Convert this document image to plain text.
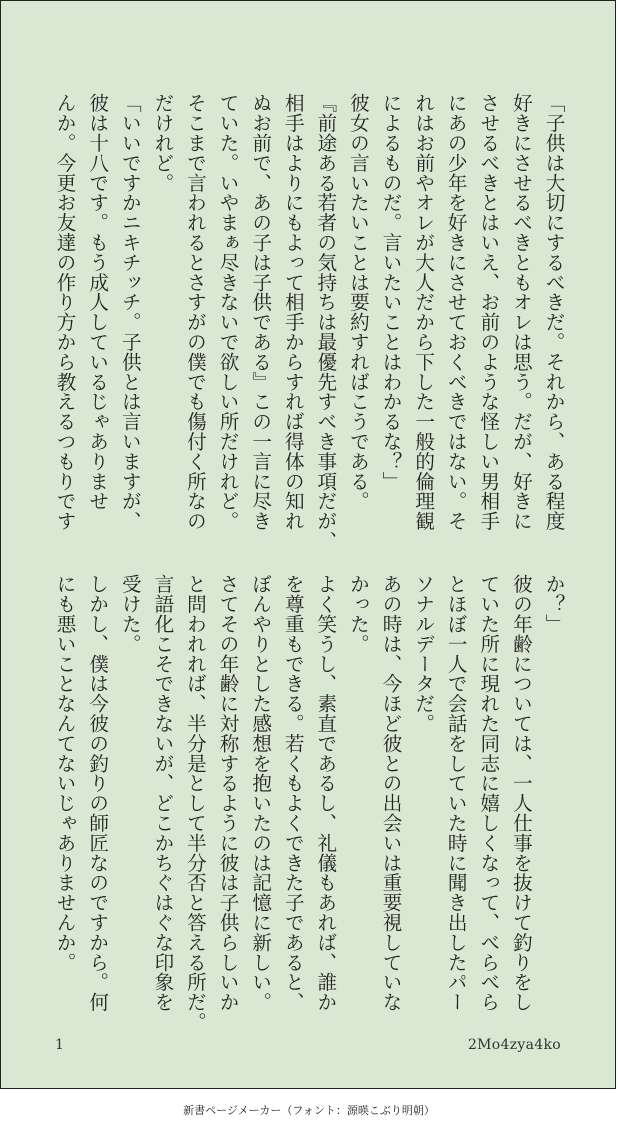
「子供は大切にするべきだ。それから、ある程度
好きにさせるべきともオレは思う。だが、好きに
させるべきとはいえ、お前のような怪しい男相手
にあの少年を好きにさせておくべきではない。そ
れはお前やオレが大人だから下した一般的倫理観
によるものだ。言いたいことはわかるな？」
彼女の言いたいことは要約すればこうである。
『前途ある若者の気持ちは最優先すべき事項だが、
相手はよりにもよって相手からすれば得体の知れ
ぬお前で、あの子は子供である』この一言に尽き
ていた。いやまぁ尽きないで欲しい所だけれど。
そこまで言われるとさすがの僕でも傷付く所なの
だけれど。
「いいですかニキチッチ。子供とは言いますが、
彼は十八です。もう成人しているじゃありませ
んか。今更お友達の作り方から教えるつもりです
か？」
彼の年齢については、一人仕事を抜けて釣りをし
ていた所に現れた同志に嬉しくなって、べらべら
とほぼ一人で会話をしていた時に聞き出したパー
ソナルデータだ。
あの時は、今ほど彼との出会いは重要視していな
かった。
よく笑うし、素直であるし、礼儀もあれば、誰か
を尊重もできる。若くもよくできた子であると、
ぼんやりとした感想を抱いたのは記憶に新しい。
さてその年齢に対称するように彼は子供らしいか
と問われれば、半分是として半分否と答える所だ。
言語化こそできないが、どこかちぐはぐな印象を
受けた。
しかし、僕は今彼の釣りの師匠なのですから。何
にも悪いことなんてないじゃありませんか。
1	2Mo4zya4ko
新書ページメーカー（フォント：源暎こぶり明朝）
